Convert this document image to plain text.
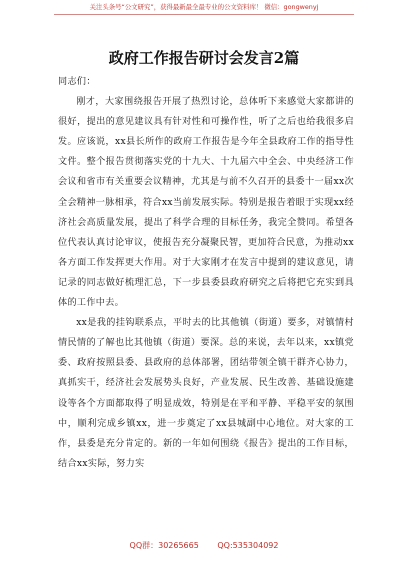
关注头条号“公文研究”，获得最新最全最专业的公文资料库！ 微信：gongwenyj
政府工作报告研讨会发言2篇

同志们：

刚才，大家围绕报告开展了热烈讨论，总体听下来感觉大家都讲的很好，提出的意见建议具有针对性和可操作性，听了之后也给我很多启发。应该说，xx县长所作的政府工作报告是今年全县政府工作的指导性文件。整个报告贯彻落实党的十九大、十九届六中全会、中央经济工作会议和省市有关重要会议精神，尤其是与前不久召开的县委十一届xx次全会精神一脉相承，符合xx当前发展实际。特别是报告着眼于实现xx经济社会高质量发展，提出了科学合理的目标任务，我完全赞同。希望各位代表认真讨论审议，使报告充分凝聚民智，更加符合民意，为推动xx各方面工作发挥更大作用。对于大家刚才在发言中提到的建议意见，请记录的同志做好梳理汇总，下一步县委县政府研究之后将把它充实到具体的工作中去。

xx是我的挂钩联系点，平时去的比其他镇（街道）要多，对镇情村情民情的了解也比其他镇（街道）要深。总的来说，去年以来，xx镇党委、政府按照县委、县政府的总体部署，团结带领全镇干群齐心协力，真抓实干，经济社会发展势头良好，产业发展、民生改善、基础设施建设等各个方面都取得了明显成效，特别是在平和平静、平稳平安的氛围中，顺利完成乡镇xx，进一步奠定了xx县城副中心地位。对大家的工作，县委是充分肯定的。新的一年如何围绕《报告》提出的工作目标，结合xx实际，努力实

QQ群：30265665 QQ:535304092
